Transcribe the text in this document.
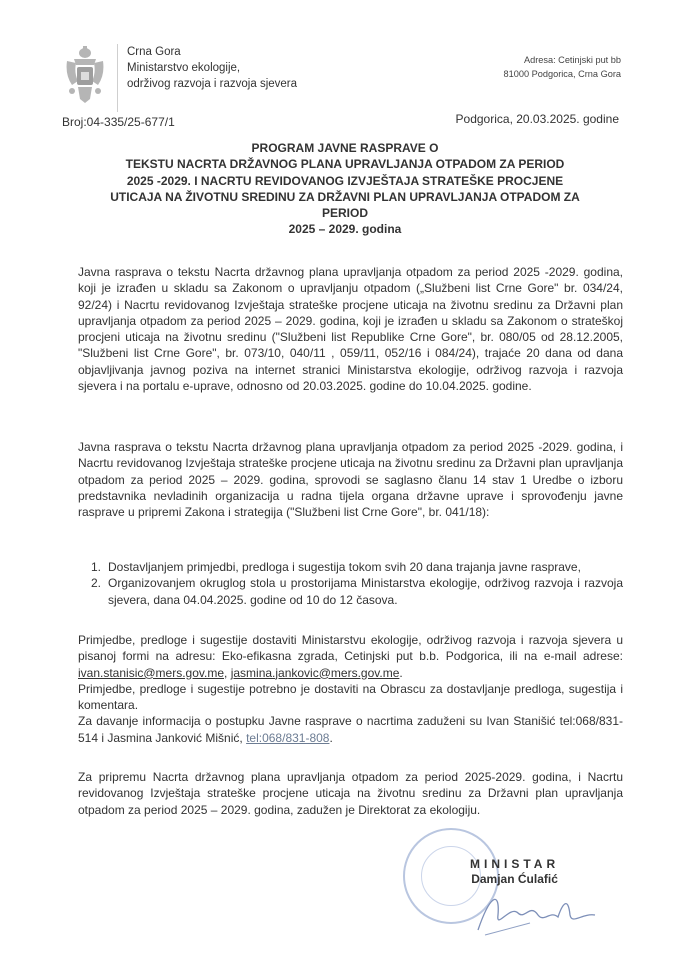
Crna Gora
Ministarstvo ekologije,
održivog razvoja i razvoja sjevera
Adresa: Cetinjski put bb
81000 Podgorica, Crna Gora
Broj:04-335/25-677/1	Podgorica, 20.03.2025. godine
PROGRAM JAVNE RASPRAVE O
TEKSTU NACRTA DRŽAVNOG PLANA UPRAVLJANJA OTPADOM ZA PERIOD
2025 -2029. I NACRTU REVIDOVANOG IZVJEŠTAJA STRATEŠKE PROCJENE
UTICAJA NA ŽIVOTNU SREDINU ZA DRŽAVNI PLAN UPRAVLJANJA OTPADOM ZA
PERIOD
2025 – 2029. godina
Javna rasprava o tekstu Nacrta državnog plana upravljanja otpadom za period 2025 -2029. godina, koji je izrađen u skladu sa Zakonom o upravljanju otpadom („Službeni list Crne Gore" br. 034/24, 92/24) i Nacrtu revidovanog Izvještaja strateške procjene uticaja na životnu sredinu za Državni plan upravljanja otpadom za period 2025 – 2029. godina, koji je izrađen u skladu sa Zakonom o strateškoj procjeni uticaja na životnu sredinu ("Službeni list Republike Crne Gore", br. 080/05 od 28.12.2005, "Službeni list Crne Gore", br. 073/10, 040/11 , 059/11, 052/16 i 084/24), trajaće 20 dana od dana objavljivanja javnog poziva na internet stranici Ministarstva ekologije, održivog razvoja i razvoja sjevera i na portalu e-uprave, odnosno od 20.03.2025. godine do 10.04.2025. godine.
Javna rasprava o tekstu Nacrta državnog plana upravljanja otpadom za period 2025 -2029. godina, i Nacrtu revidovanog Izvještaja strateške procjene uticaja na životnu sredinu za Državni plan upravljanja otpadom za period 2025 – 2029. godina, sprovodi se saglasno članu 14 stav 1 Uredbe o izboru predstavnika nevladinih organizacija u radna tijela organa državne uprave i sprovođenju javne rasprave u pripremi Zakona i strategija ("Službeni list Crne Gore", br. 041/18):
1. Dostavljanjem primjedbi, predloga i sugestija tokom svih 20 dana trajanja javne rasprave,
2. Organizovanjem okruglog stola u prostorijama Ministarstva ekologije, održivog razvoja i razvoja sjevera, dana 04.04.2025. godine od 10 do 12 časova.
Primjedbe, predloge i sugestije dostaviti Ministarstvu ekologije, održivog razvoja i razvoja sjevera u pisanoj formi na adresu: Eko-efikasna zgrada, Cetinjski put b.b. Podgorica, ili na e-mail adrese: ivan.stanisic@mers.gov.me, jasmina.jankovic@mers.gov.me.
Primjedbe, predloge i sugestije potrebno je dostaviti na Obrascu za dostavljanje predloga, sugestija i komentara.
Za davanje informacija o postupku Javne rasprave o nacrtima zaduženi su Ivan Stanišić tel:068/831-514 i Jasmina Janković Mišnić, tel:068/831-808.
Za pripremu Nacrta državnog plana upravljanja otpadom za period 2025-2029. godina, i Nacrtu revidovanog Izvještaja strateške procjene uticaja na životnu sredinu za Državni plan upravljanja otpadom za period 2025 – 2029. godina, zadužen je Direktorat za ekologiju.
MINISTAR
Damjan Ćulafić
